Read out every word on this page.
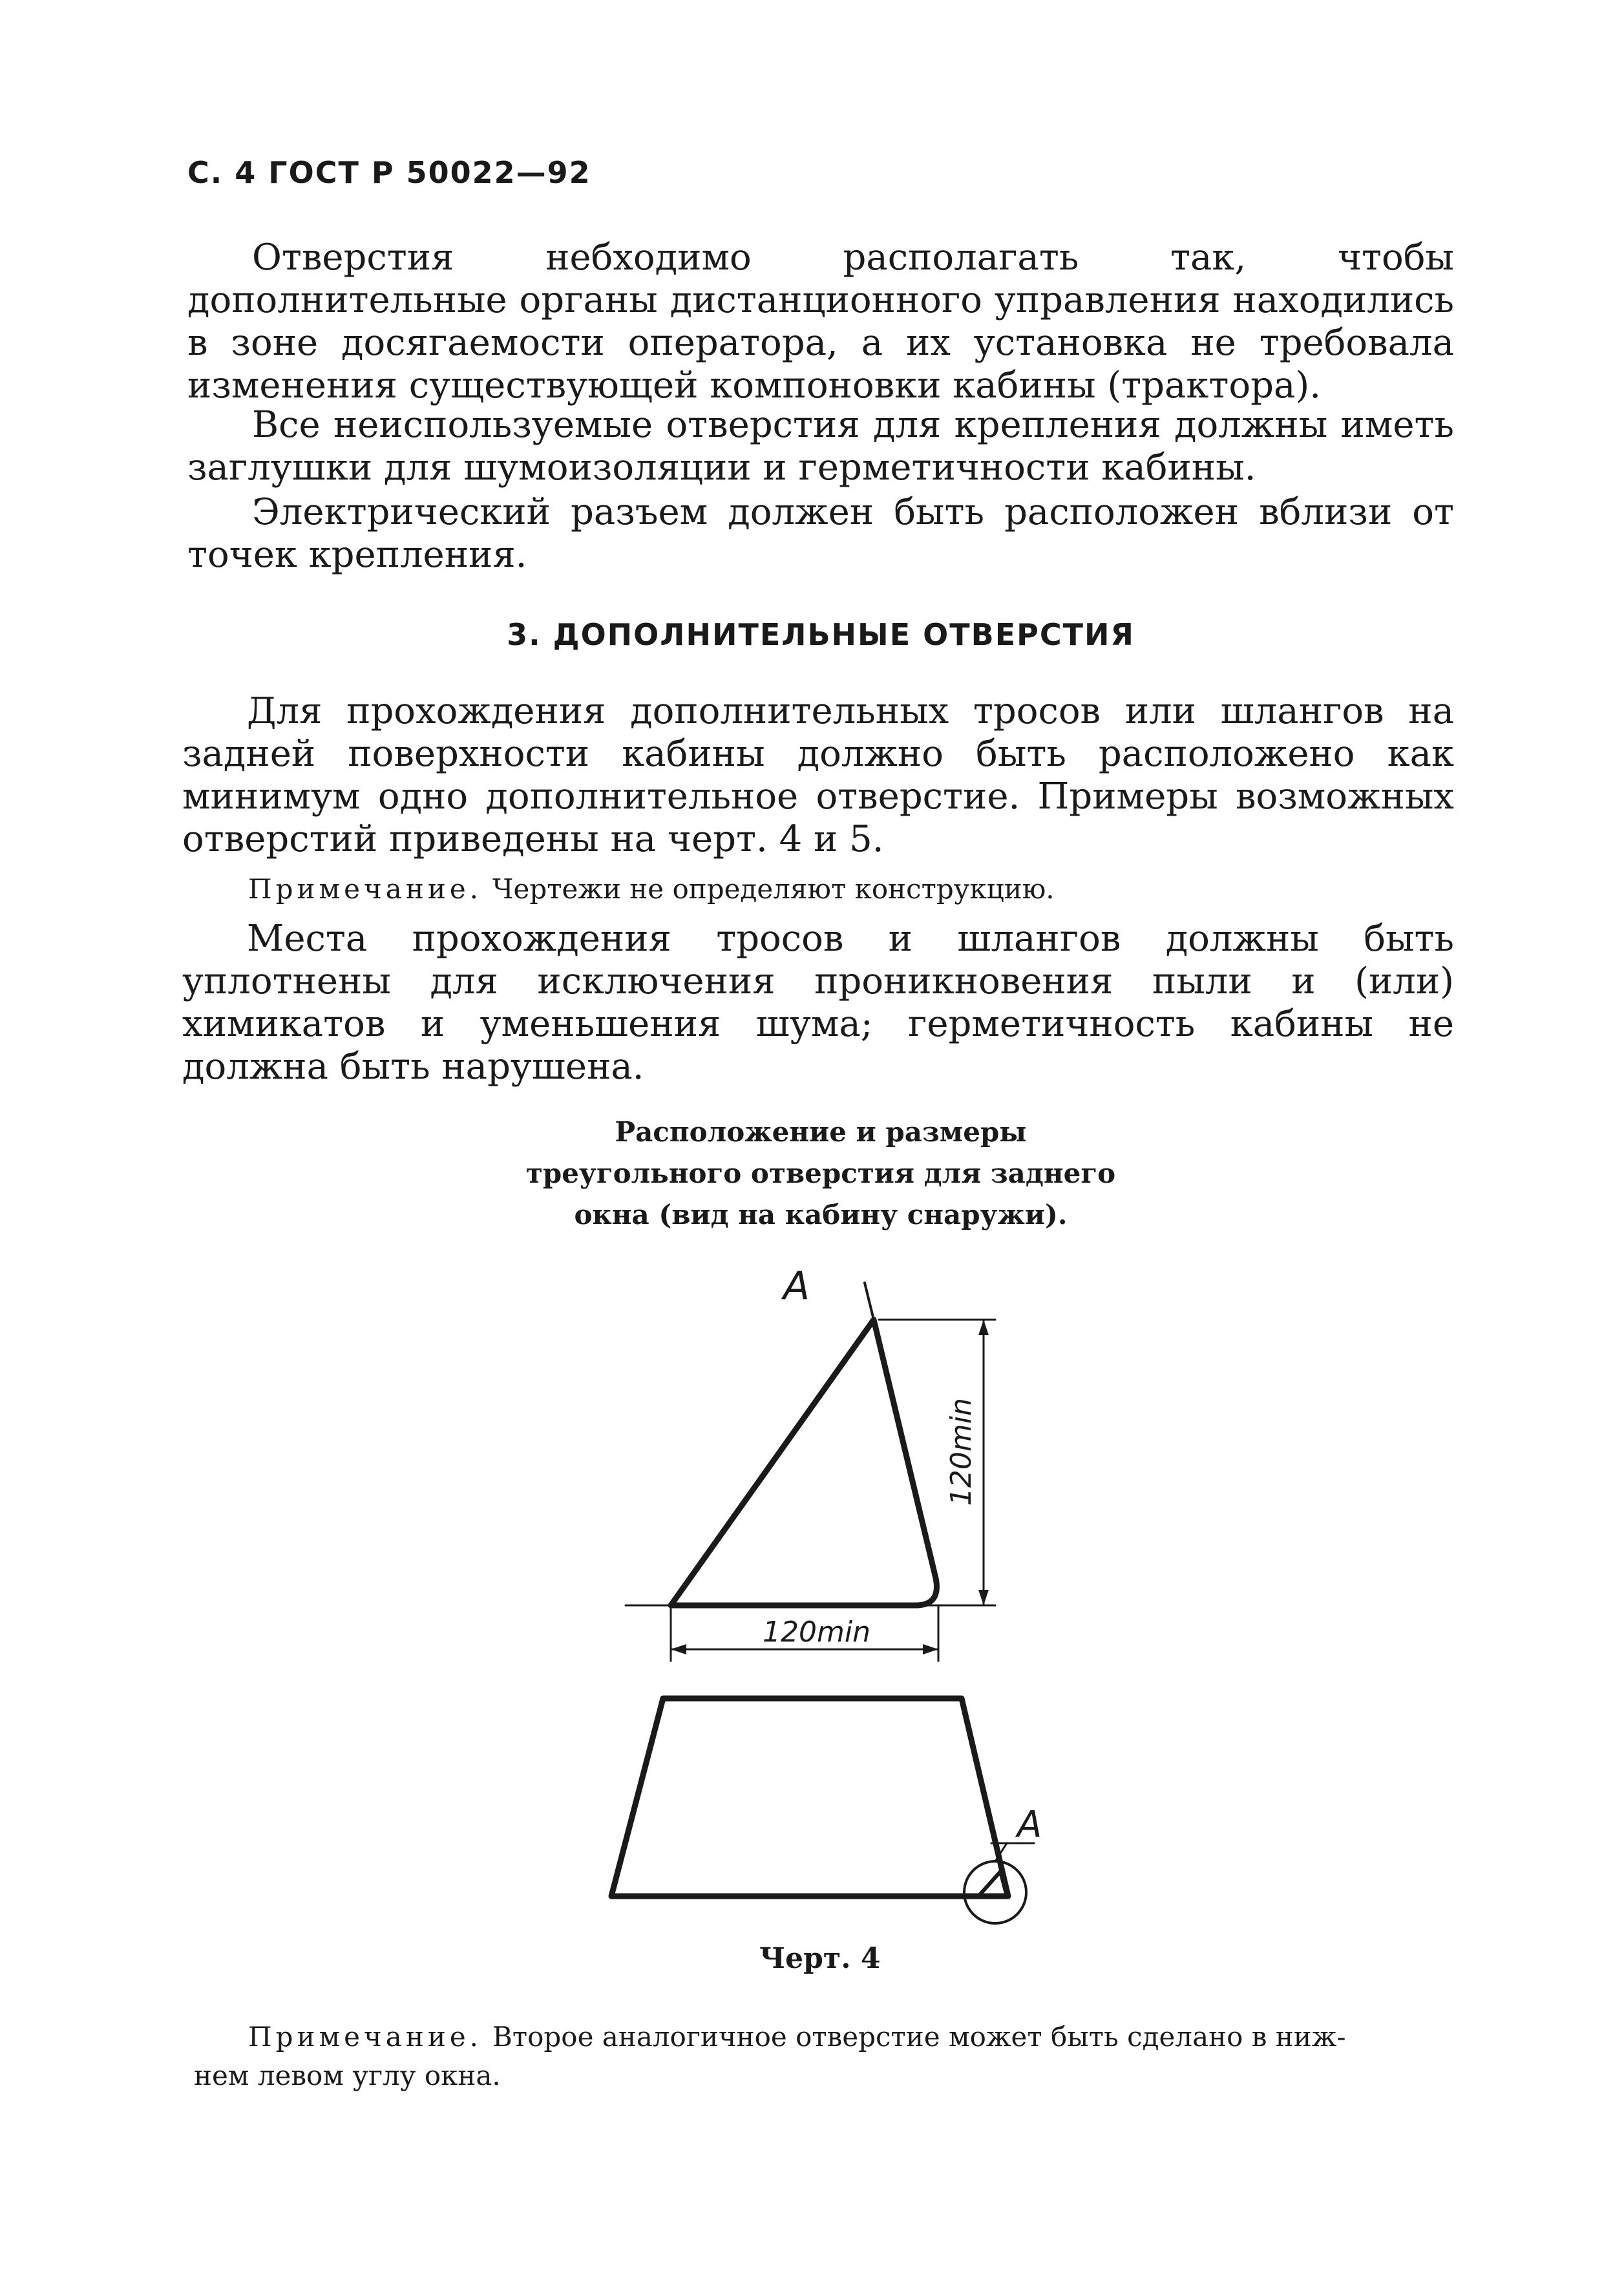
С. 4 ГОСТ Р 50022—92

Отверстия небходимо располагать так, чтобы дополнительные органы дистанционного управления находились в зоне досягаемости оператора, а их установка не требовала изменения существующей компоновки кабины (трактора).

Все неиспользуемые отверстия для крепления должны иметь заглушки для шумоизоляции и герметичности кабины.

Электрический разъем должен быть расположен вблизи от точек крепления.

3. ДОПОЛНИТЕЛЬНЫЕ ОТВЕРСТИЯ

Для прохождения дополнительных тросов или шлангов на задней поверхности кабины должно быть расположено как минимум одно дополнительное отверстие. Примеры возможных отверстий приведены на черт. 4 и 5.

Примечание. Чертежи не определяют конструкцию.

Места прохождения тросов и шлангов должны быть уплотнены для исключения проникновения пыли и (или) химикатов и уменьшения шума; герметичность кабины не должна быть нарушена.

Расположение и размеры
треугольного отверстия для заднего
окна (вид на кабину снаружи).
A
A
120min
120min
Черт. 4
Примечание. Второе аналогичное отверстие может быть сделано в ниж-
нем левом углу окна.
